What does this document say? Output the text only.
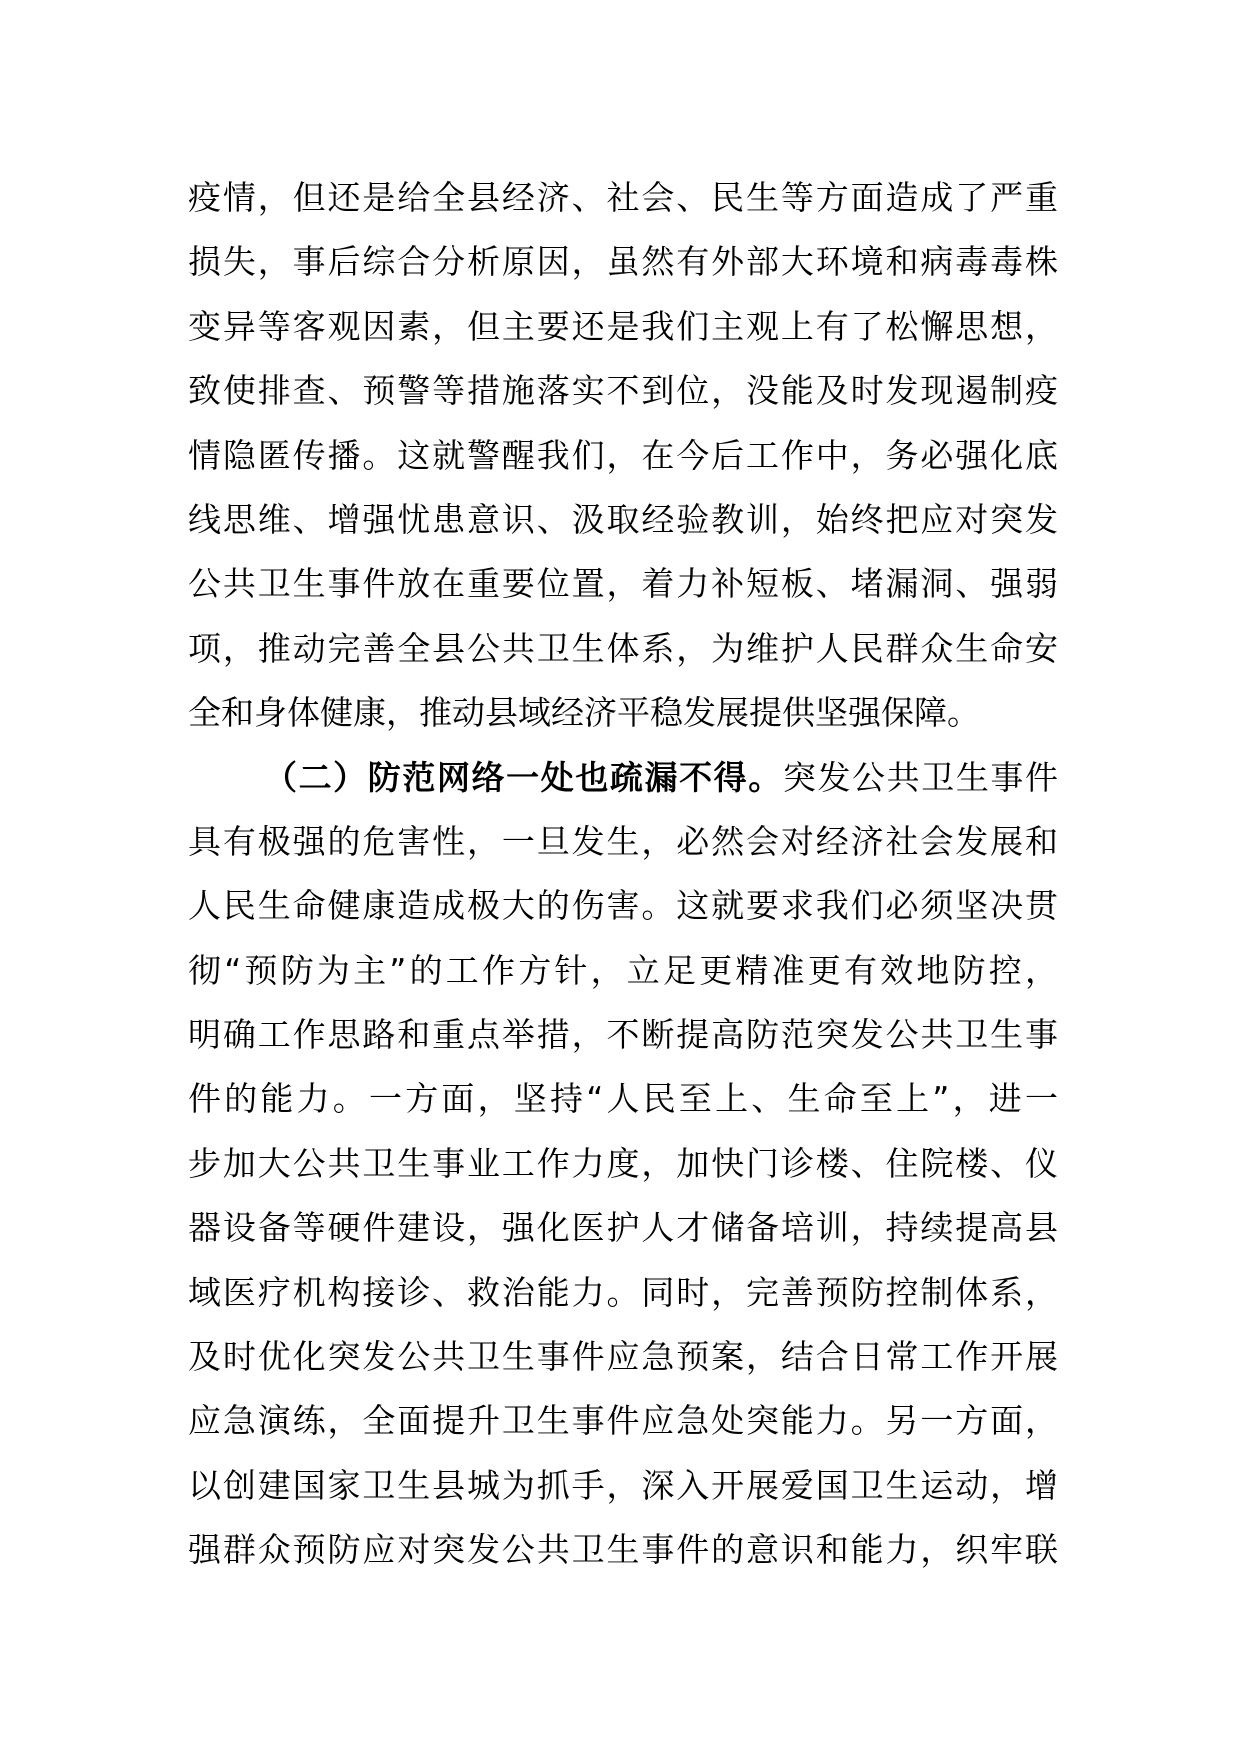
疫情，但还是给全县经济、社会、民生等方面造成了严重
损失，事后综合分析原因，虽然有外部大环境和病毒毒株
变异等客观因素，但主要还是我们主观上有了松懈思想，
致使排查、预警等措施落实不到位，没能及时发现遏制疫
情隐匿传播。这就警醒我们，在今后工作中，务必强化底
线思维、增强忧患意识、汲取经验教训，始终把应对突发
公共卫生事件放在重要位置，着力补短板、堵漏洞、强弱
项，推动完善全县公共卫生体系，为维护人民群众生命安
全和身体健康，推动县域经济平稳发展提供坚强保障。
（二）防范网络一处也疏漏不得。突发公共卫生事件
具有极强的危害性，一旦发生，必然会对经济社会发展和
人民生命健康造成极大的伤害。这就要求我们必须坚决贯
彻“预防为主”的工作方针，立足更精准更有效地防控，
明确工作思路和重点举措，不断提高防范突发公共卫生事
件的能力。一方面，坚持“人民至上、生命至上”，进一
步加大公共卫生事业工作力度，加快门诊楼、住院楼、仪
器设备等硬件建设，强化医护人才储备培训，持续提高县
域医疗机构接诊、救治能力。同时，完善预防控制体系，
及时优化突发公共卫生事件应急预案，结合日常工作开展
应急演练，全面提升卫生事件应急处突能力。另一方面，
以创建国家卫生县城为抓手，深入开展爱国卫生运动，增
强群众预防应对突发公共卫生事件的意识和能力，织牢联
